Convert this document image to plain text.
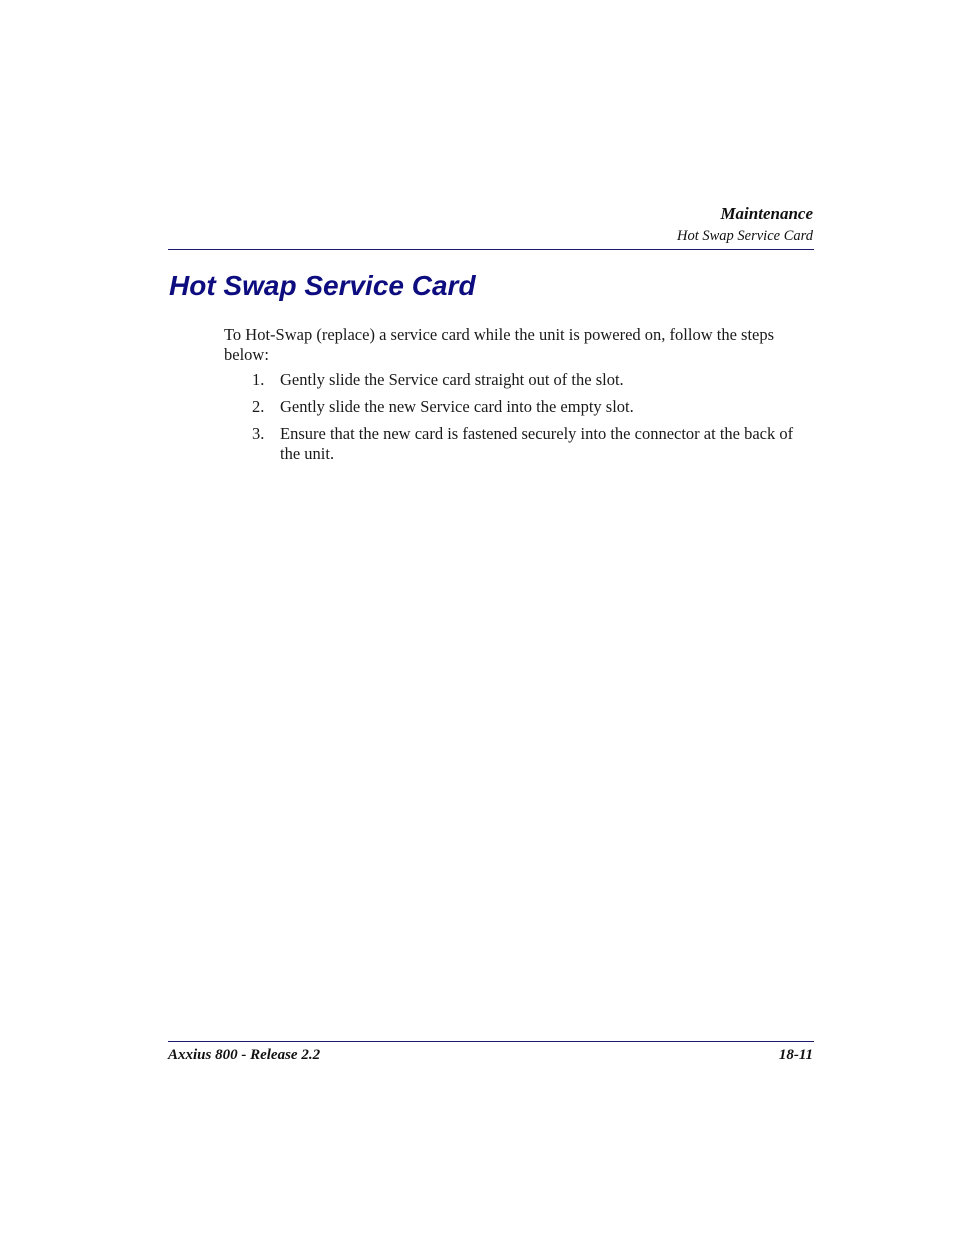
Maintenance
Hot Swap Service Card
Hot Swap Service Card

To Hot-Swap (replace) a service card while the unit is powered on, follow the steps below:

1. Gently slide the Service card straight out of the slot.
2. Gently slide the new Service card into the empty slot.
3. Ensure that the new card is fastened securely into the connector at the back of the unit.
Axxius 800 - Release 2.2	18-11
